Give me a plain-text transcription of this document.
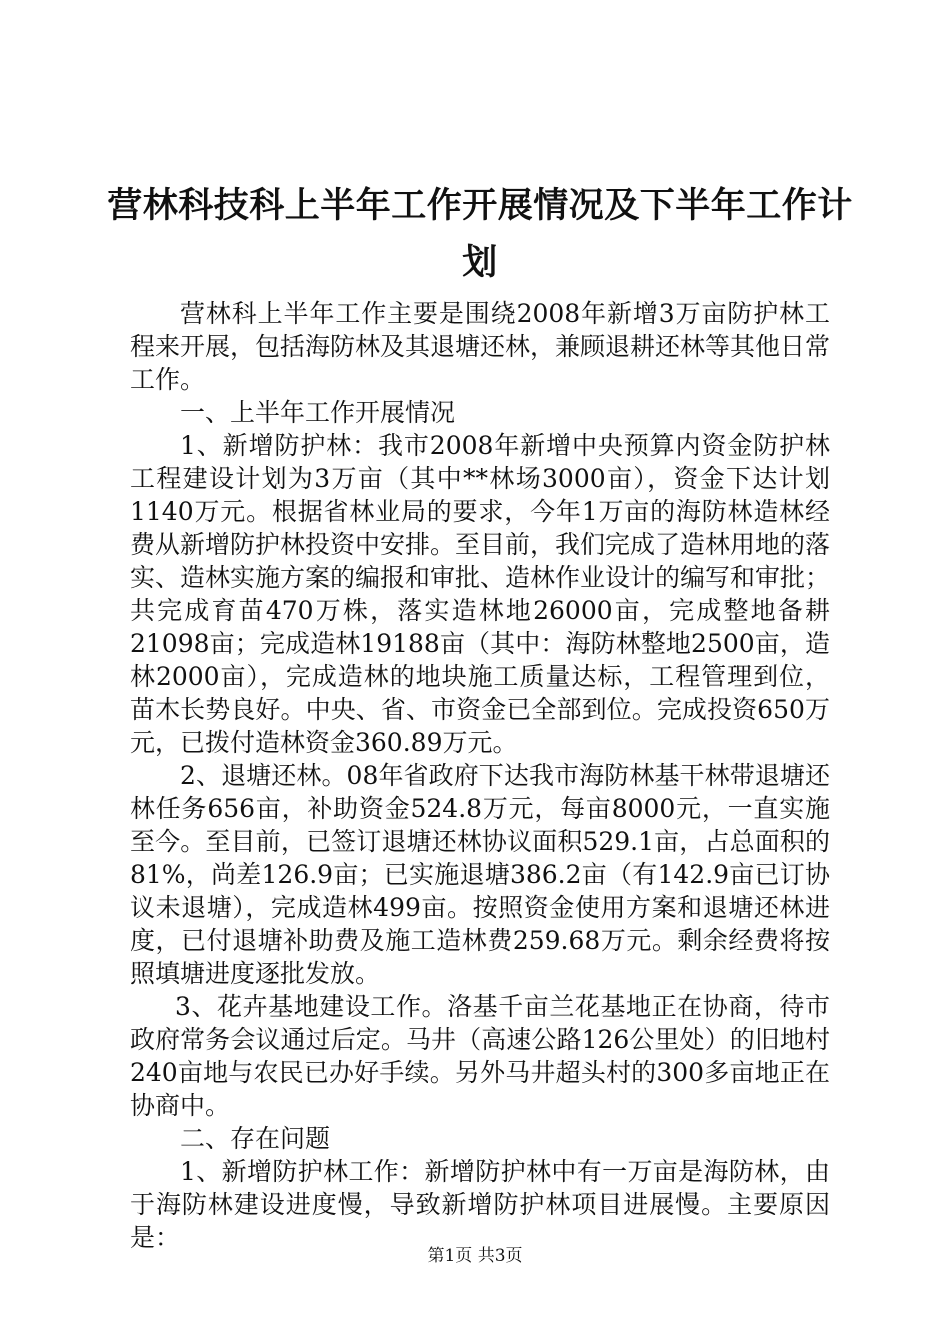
营林科技科上半年工作开展情况及下半年工作计划

营林科上半年工作主要是围绕2008年新增3万亩防护林工程来开展，包括海防林及其退塘还林，兼顾退耕还林等其他日常工作。

一、上半年工作开展情况

1、新增防护林：我市2008年新增中央预算内资金防护林工程建设计划为3万亩（其中**林场3000亩），资金下达计划1140万元。根据省林业局的要求，今年1万亩的海防林造林经费从新增防护林投资中安排。至目前，我们完成了造林用地的落实、造林实施方案的编报和审批、造林作业设计的编写和审批；共完成育苗470万株，落实造林地26000亩，完成整地备耕21098亩；完成造林19188亩（其中：海防林整地2500亩，造林2000亩），完成造林的地块施工质量达标，工程管理到位，苗木长势良好。中央、省、市资金已全部到位。完成投资650万元，已拨付造林资金360.89万元。

2、退塘还林。08年省政府下达我市海防林基干林带退塘还林任务656亩，补助资金524.8万元，每亩8000元，一直实施至今。至目前，已签订退塘还林协议面积529.1亩，占总面积的81%，尚差126.9亩；已实施退塘386.2亩（有142.9亩已订协议未退塘），完成造林499亩。按照资金使用方案和退塘还林进度，已付退塘补助费及施工造林费259.68万元。剩余经费将按照填塘进度逐批发放。

3、花卉基地建设工作。洛基千亩兰花基地正在协商，待市政府常务会议通过后定。马井（高速公路126公里处）的旧地村240亩地与农民已办好手续。另外马井超头村的300多亩地正在协商中。

二、存在问题

1、新增防护林工作：新增防护林中有一万亩是海防林，由于海防林建设进度慢，导致新增防护林项目进展慢。主要原因是：

第1页 共3页
